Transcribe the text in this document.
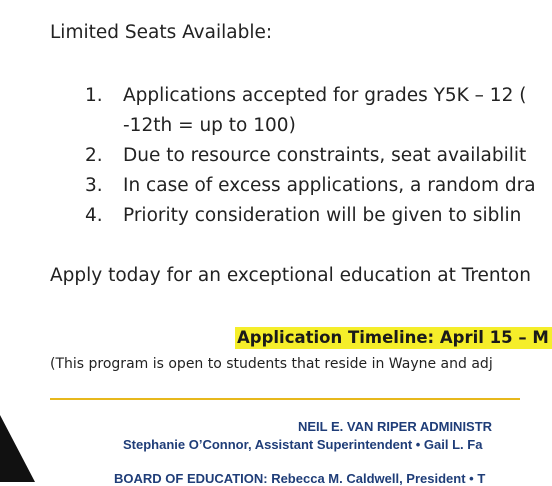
Limited Seats Available:
1. Applications accepted for grades Y5K – 12 (
-12th = up to 100)
2. Due to resource constraints, seat availabilit
3. In case of excess applications, a random dra
4. Priority consideration will be given to siblin
Apply today for an exceptional education at Trenton
Application Timeline: April 15 – M
(This program is open to students that reside in Wayne and adj
NEIL E. VAN RIPER ADMINISTR
Stephanie O’Connor, Assistant Superintendent • Gail L. Fa
BOARD OF EDUCATION: Rebecca M. Caldwell, President • T
